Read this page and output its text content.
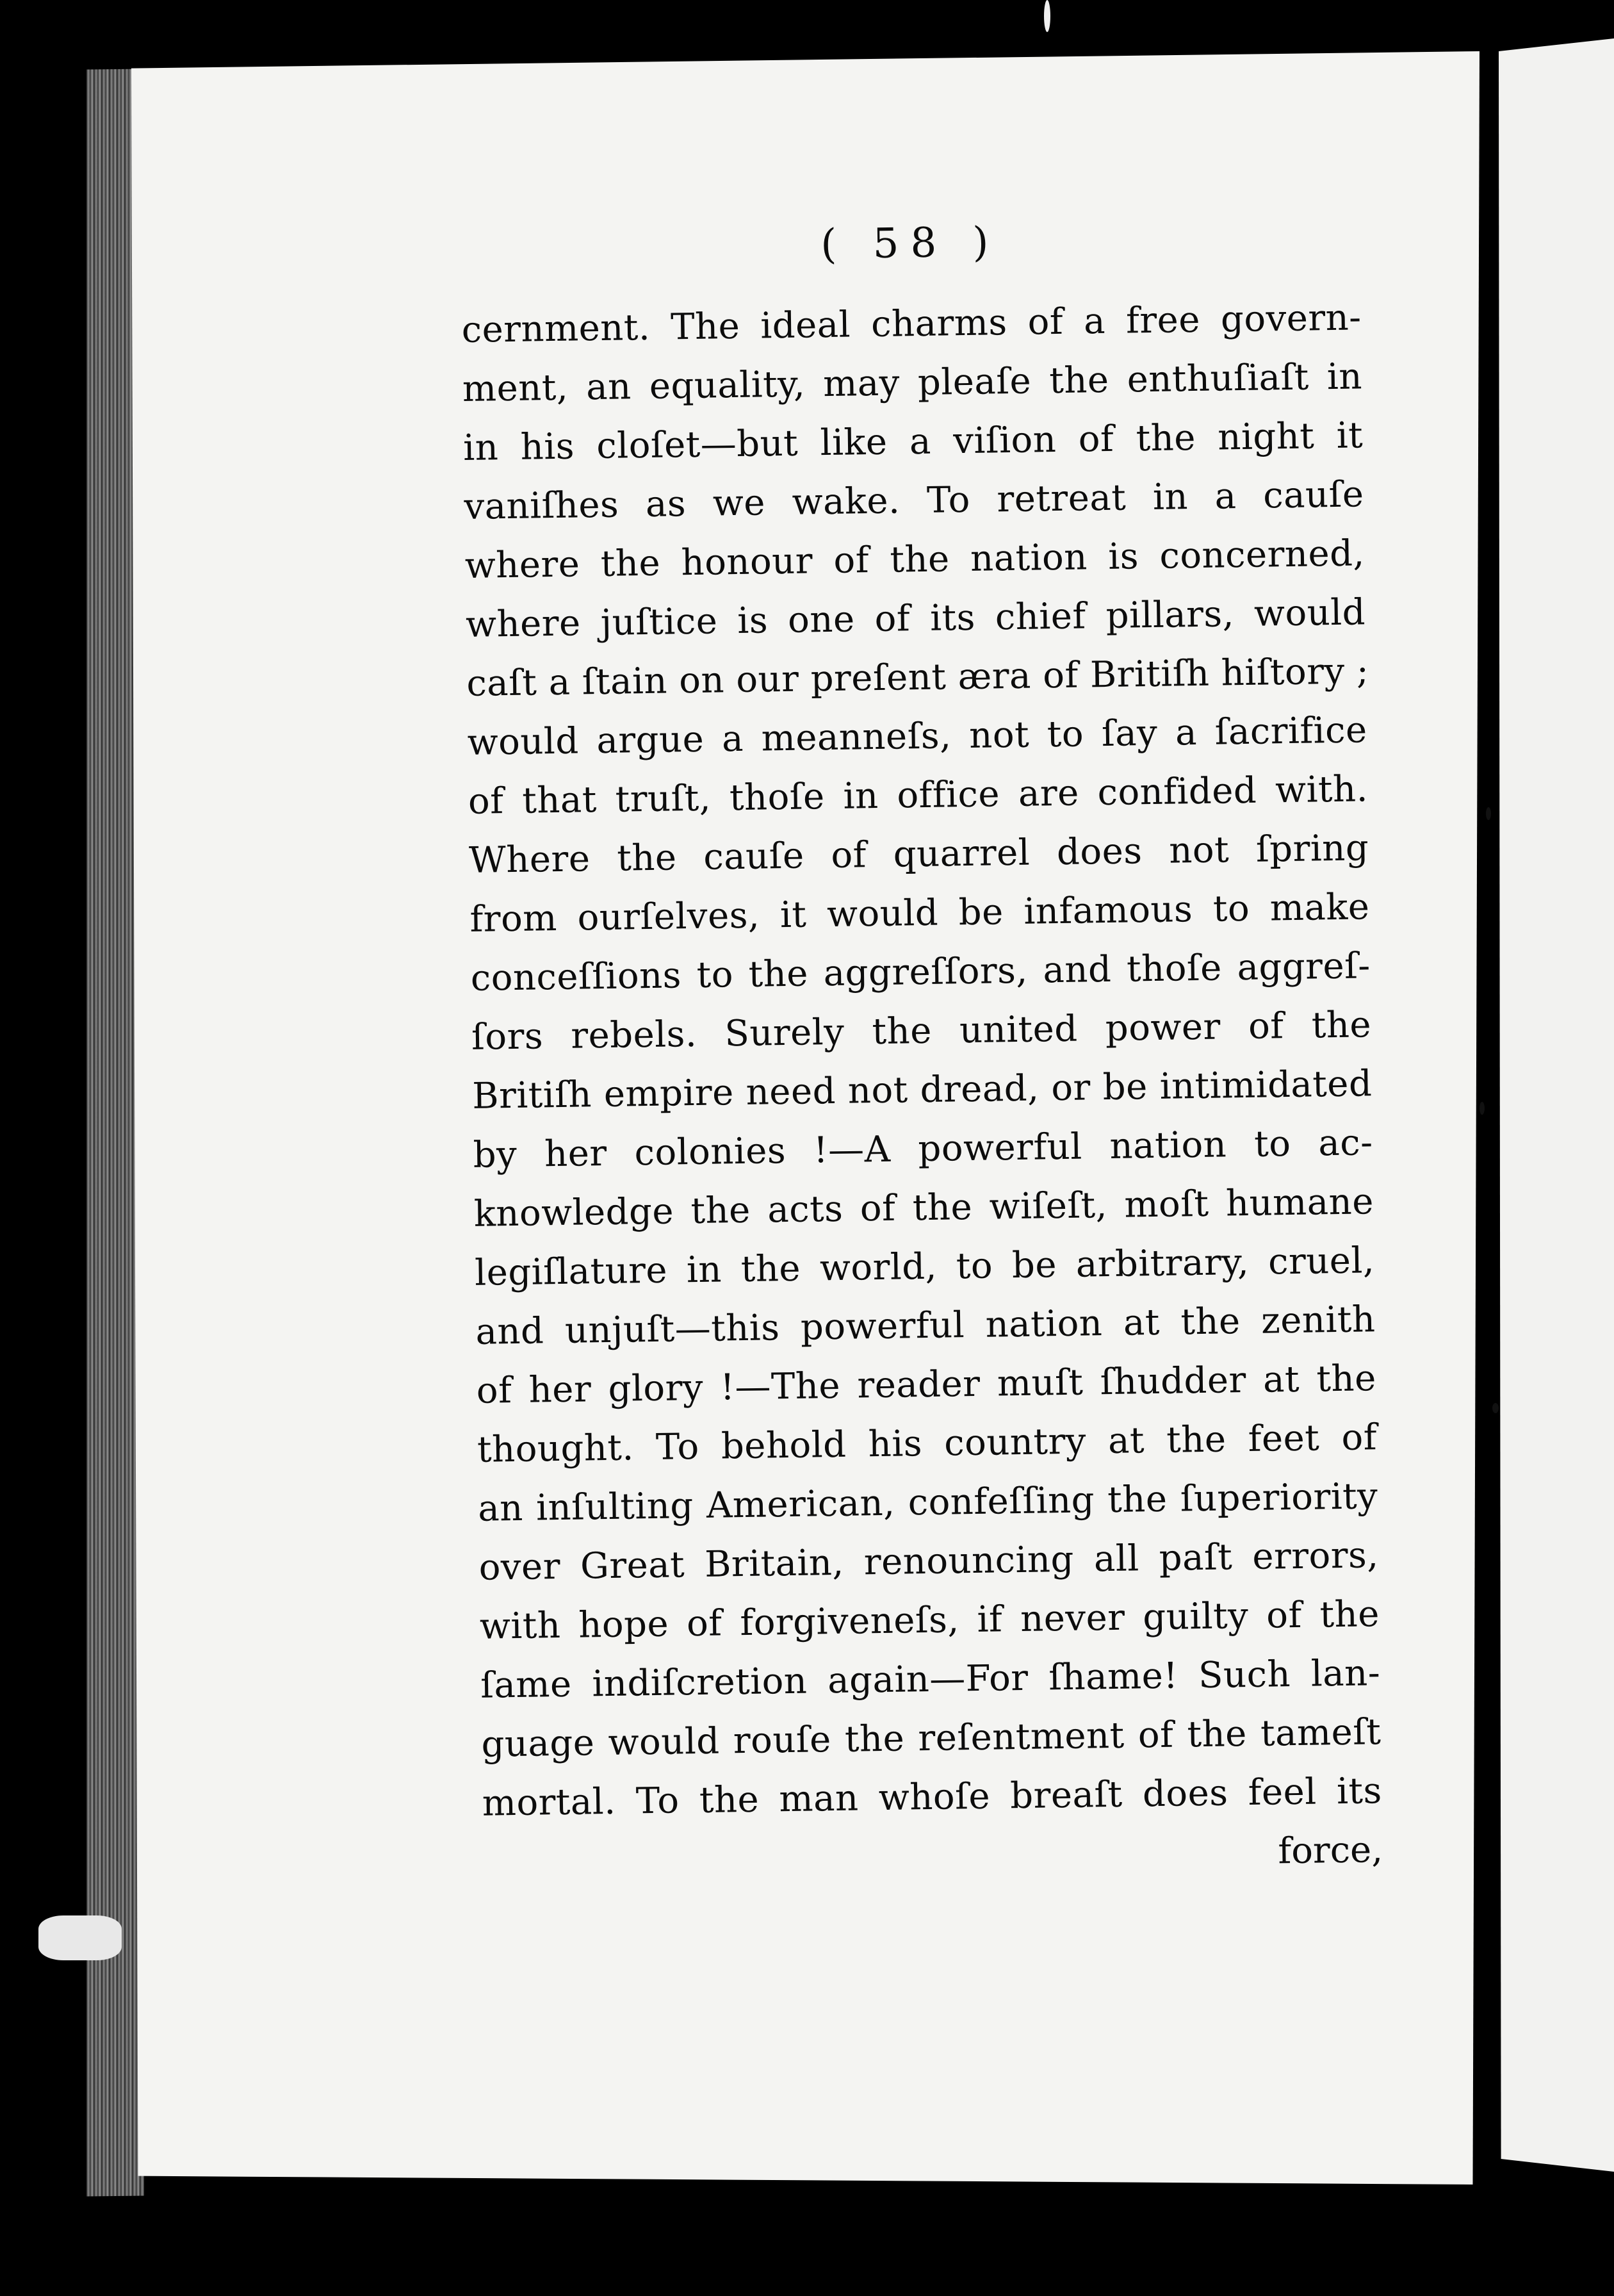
( 58 )
cernment. The ideal charms of a free govern-
ment, an equality, may pleaſe the enthuſiaſt in
in his cloſet—but like a viſion of the night it
vaniſhes as we wake. To retreat in a cauſe
where the honour of the nation is concerned,
where juſtice is one of its chief pillars, would
caſt a ſtain on our preſent æra of Britiſh hiſtory ;
would argue a meanneſs, not to ſay a ſacrifice
of that truſt, thoſe in office are confided with.
Where the cauſe of quarrel does not ſpring
from ourſelves, it would be infamous to make
conceſſions to the aggreſſors, and thoſe aggreſ-
ſors rebels. Surely the united power of the
Britiſh empire need not dread, or be intimidated
by her colonies !—A powerful nation to ac-
knowledge the acts of the wiſeſt, moſt humane
legiſlature in the world, to be arbitrary, cruel,
and unjuſt—this powerful nation at the zenith
of her glory !—The reader muſt ſhudder at the
thought. To behold his country at the feet of
an inſulting American, confeſſing the ſuperiority
over Great Britain, renouncing all paſt errors,
with hope of forgiveneſs, if never guilty of the
ſame indiſcretion again—For ſhame! Such lan-
guage would rouſe the reſentment of the tameſt
mortal. To the man whoſe breaſt does feel its
force,
